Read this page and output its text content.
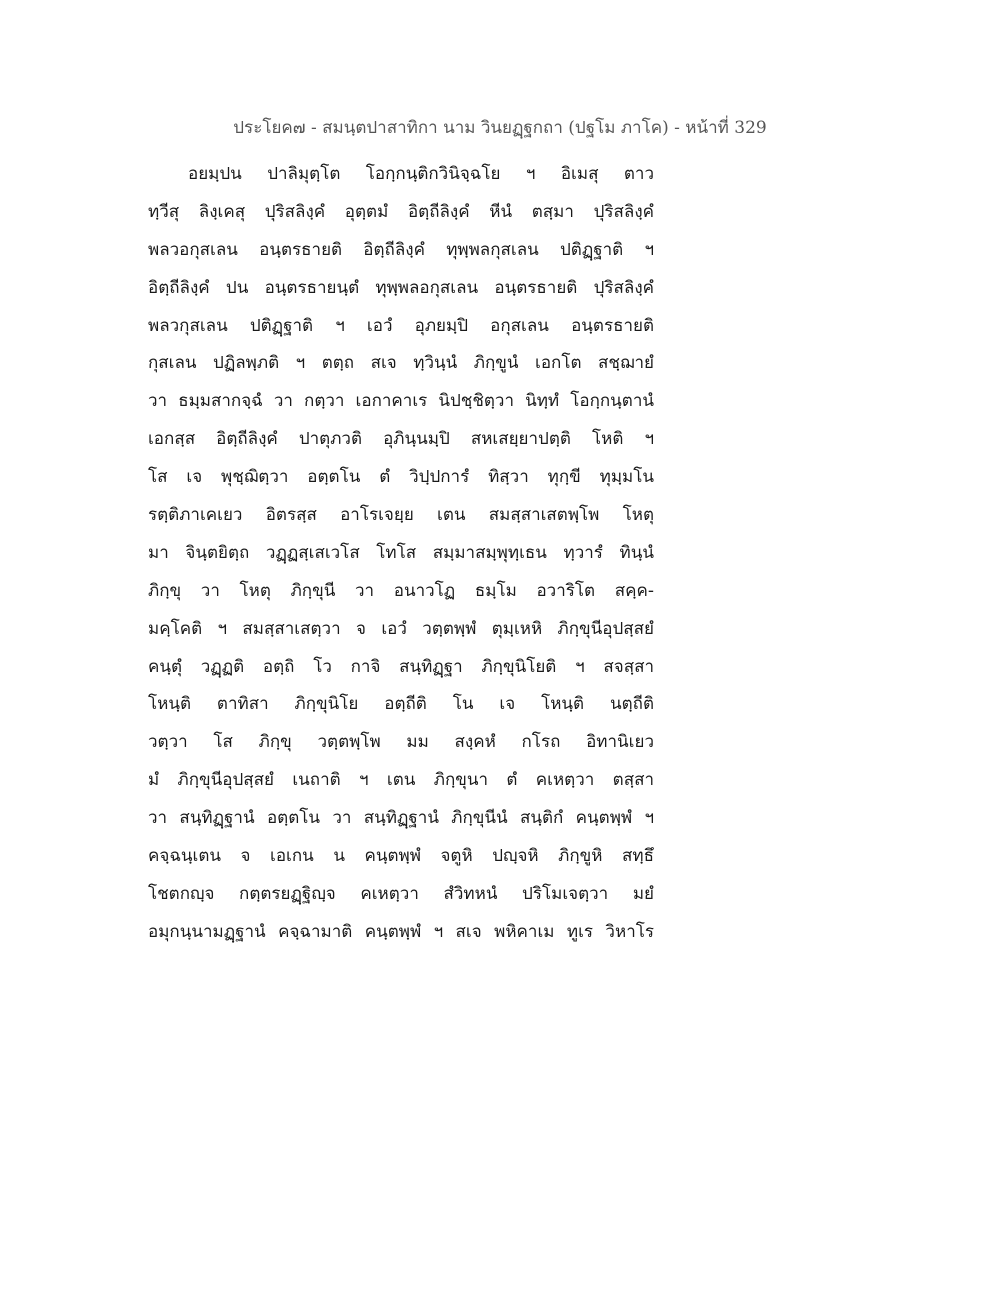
ประโยค๗ - สมนฺตปาสาทิกา นาม วินยฏฺฐกถา (ปฐโม ภาโค) - หน้าที่ 329
อยมฺปน ปาลิมุตฺโต โอกฺกนฺติกวินิจฺฉโย ฯ อิเมสุ ตาว
ทฺวีสุ ลิงฺเคสุ ปุริสลิงฺคํ อุตฺตมํ อิตฺถีลิงฺคํ หีนํ ตสฺมา ปุริสลิงฺคํ
พลวอกุสเลน อนฺตรธายติ อิตฺถีลิงฺคํ ทุพฺพลกุสเลน ปติฏฺฐาติ ฯ
อิตฺถีลิงฺคํ ปน อนฺตรธายนฺตํ ทุพฺพลอกุสเลน อนฺตรธายติ ปุริสลิงฺคํ
พลวกุสเลน ปติฏฺฐาติ ฯ เอวํ อุภยมฺปิ อกุสเลน อนฺตรธายติ
กุสเลน ปฏิลพฺภติ ฯ ตตฺถ สเจ ทฺวินฺนํ ภิกฺขูนํ เอกโต สชฺฌายํ
วา ธมฺมสากจฺฉํ วา กตฺวา เอกาคาเร นิปชฺชิตฺวา นิทฺทํ โอกฺกนฺตานํ
เอกสฺส อิตฺถีลิงฺคํ ปาตุภวติ อุภินฺนมฺปิ สหเสยฺยาปตฺติ โหติ ฯ
โส เจ พุชฺฌิตฺวา อตฺตโน ตํ วิปฺปการํ ทิสฺวา ทุกฺขี ทุมฺมโน
รตฺติภาเคเยว อิตรสฺส อาโรเจยฺย เตน สมสฺสาเสตพฺโพ โหตุ
มา จินฺตยิตฺถ วฏฺฏสฺเสเวโส โทโส สมฺมาสมฺพุทฺเธน ทฺวารํ ทินฺนํ
ภิกฺขุ วา โหตุ ภิกฺขุนี วา อนาวโฏ ธมฺโม อวาริโต สคฺค-
มคฺโคติ ฯ สมสฺสาเสตฺวา จ เอวํ วตฺตพฺพํ ตุมฺเหหิ ภิกฺขุนีอุปสฺสยํ
คนฺตุํ วฏฺฏติ อตฺถิ โว กาจิ สนฺทิฏฺฐา ภิกฺขุนิโยติ ฯ สจสฺสา
โหนฺติ ตาทิสา ภิกฺขุนิโย อตฺถีติ โน เจ โหนฺติ นตฺถีติ
วตฺวา โส ภิกฺขุ วตฺตพฺโพ มม สงฺคหํ กโรถ อิทานิเยว
มํ ภิกฺขุนีอุปสฺสยํ เนถาติ ฯ เตน ภิกฺขุนา ตํ คเหตฺวา ตสฺสา
วา สนฺทิฏฺฐานํ อตฺตโน วา สนฺทิฏฺฐานํ ภิกฺขุนีนํ สนฺติกํ คนฺตพฺพํ ฯ
คจฺฉนฺเตน จ เอเกน น คนฺตพฺพํ จตูหิ ปญฺจหิ ภิกฺขูหิ สทฺธึ
โชตกญฺจ กตฺตรยฏฺฐิญฺจ คเหตฺวา สํวิทหนํ ปริโมเจตฺวา มยํ
อมุกนฺนามฏฺฐานํ คจฺฉามาติ คนฺตพฺพํ ฯ สเจ พหิคาเม ทูเร วิหาโร
